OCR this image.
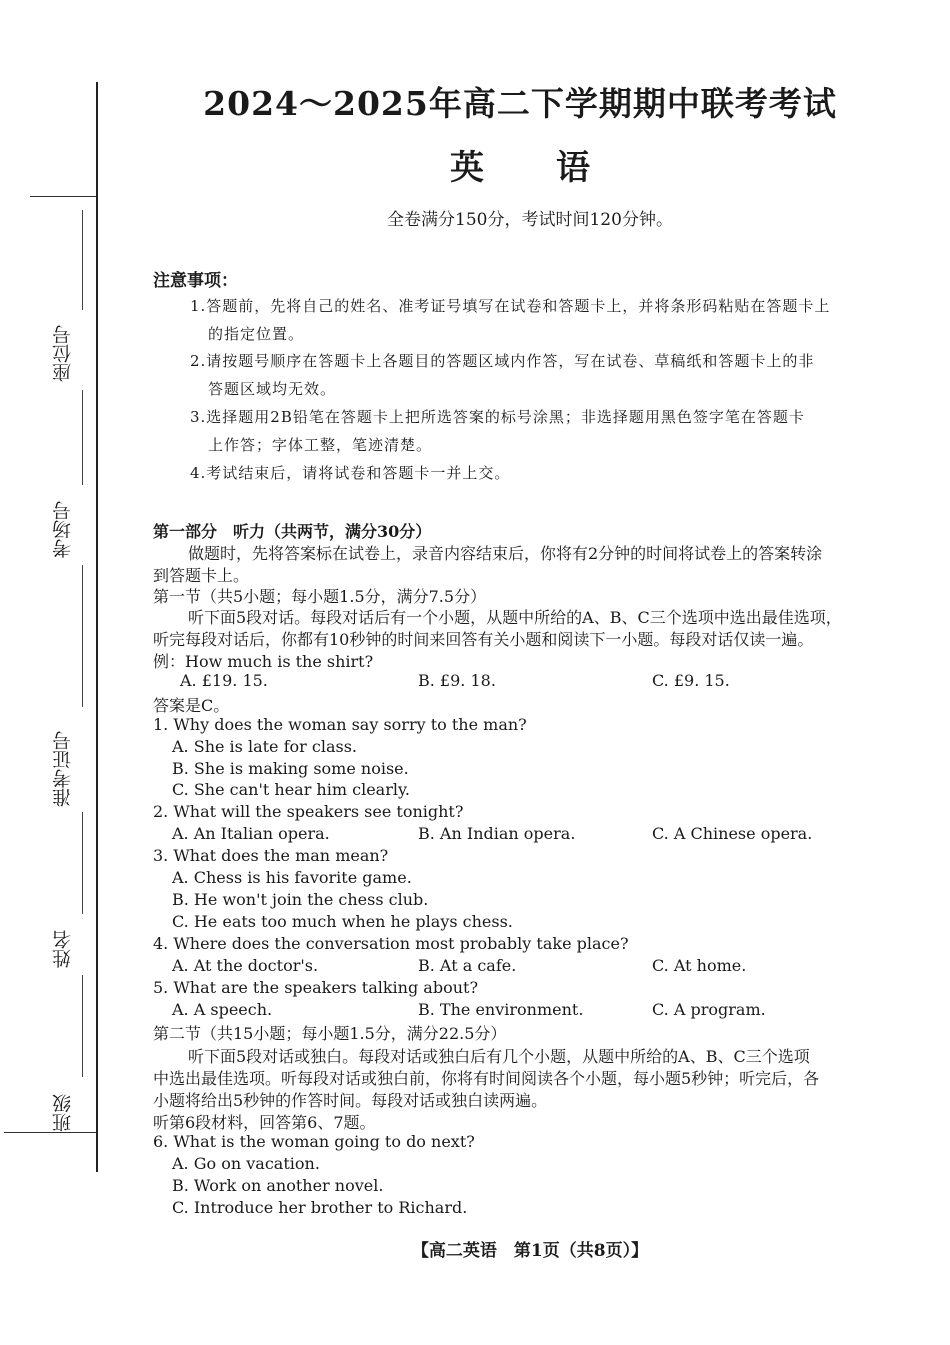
座位号
考场号
准考证号
姓名
班级
2024～2025年高二下学期期中联考考试
英 语
全卷满分150分，考试时间120分钟。
注意事项：
1.答题前，先将自己的姓名、准考证号填写在试卷和答题卡上，并将条形码粘贴在答题卡上
的指定位置。
2.请按题号顺序在答题卡上各题目的答题区域内作答，写在试卷、草稿纸和答题卡上的非
答题区域均无效。
3.选择题用2B铅笔在答题卡上把所选答案的标号涂黑；非选择题用黑色签字笔在答题卡
上作答；字体工整，笔迹清楚。
4.考试结束后，请将试卷和答题卡一并上交。
第一部分　听力（共两节，满分30分）
做题时，先将答案标在试卷上，录音内容结束后，你将有2分钟的时间将试卷上的答案转涂
到答题卡上。
第一节（共5小题；每小题1.5分，满分7.5分）
听下面5段对话。每段对话后有一个小题，从题中所给的A、B、C三个选项中选出最佳选项，
听完每段对话后，你都有10秒钟的时间来回答有关小题和阅读下一小题。每段对话仅读一遍。
例：How much is the shirt?
A. £19. 15.	B. £9. 18.	C. £9. 15.
答案是C。
1. Why does the woman say sorry to the man?
A. She is late for class.
B. She is making some noise.
C. She can't hear him clearly.
2. What will the speakers see tonight?
A. An Italian opera.	B. An Indian opera.	C. A Chinese opera.
3. What does the man mean?
A. Chess is his favorite game.
B. He won't join the chess club.
C. He eats too much when he plays chess.
4. Where does the conversation most probably take place?
A. At the doctor's.	B. At a cafe.	C. At home.
5. What are the speakers talking about?
A. A speech.	B. The environment.	C. A program.
第二节（共15小题；每小题1.5分，满分22.5分）
听下面5段对话或独白。每段对话或独白后有几个小题，从题中所给的A、B、C三个选项
中选出最佳选项。听每段对话或独白前，你将有时间阅读各个小题，每小题5秒钟；听完后，各
小题将给出5秒钟的作答时间。每段对话或独白读两遍。
听第6段材料，回答第6、7题。
6. What is the woman going to do next?
A. Go on vacation.
B. Work on another novel.
C. Introduce her brother to Richard.
【高二英语　第1页（共8页）】
